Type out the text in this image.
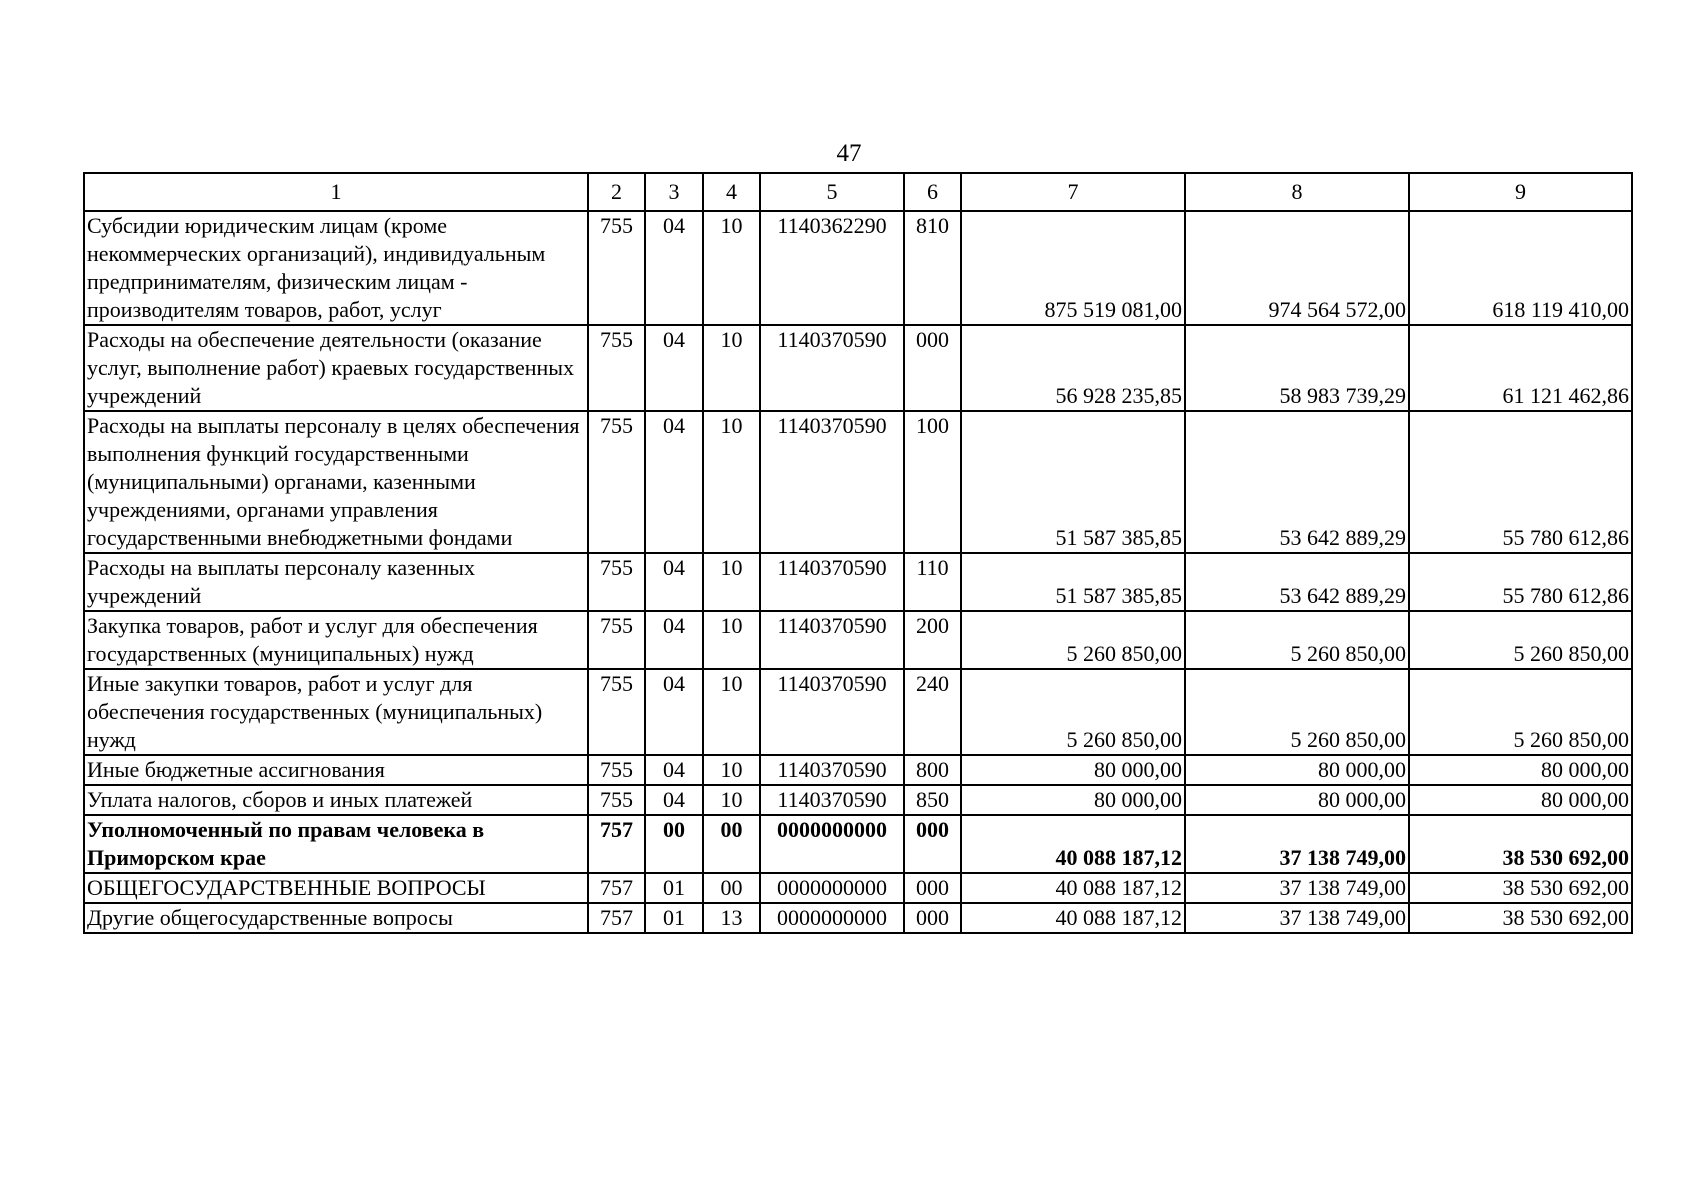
47
1	2	3	4	5	6	7	8	9
Субсидии юридическим лицам (кроме некоммерческих организаций), индивидуальным предпринимателям, физическим лицам - производителям товаров, работ, услуг	755	04	10	1140362290	810	875 519 081,00	974 564 572,00	618 119 410,00
Расходы на обеспечение деятельности (оказание услуг, выполнение работ) краевых государственных учреждений	755	04	10	1140370590	000	56 928 235,85	58 983 739,29	61 121 462,86
Расходы на выплаты персоналу в целях обеспечения выполнения функций государственными (муниципальными) органами, казенными учреждениями, органами управления государственными внебюджетными фондами	755	04	10	1140370590	100	51 587 385,85	53 642 889,29	55 780 612,86
Расходы на выплаты персоналу казенных учреждений	755	04	10	1140370590	110	51 587 385,85	53 642 889,29	55 780 612,86
Закупка товаров, работ и услуг для обеспечения государственных (муниципальных) нужд	755	04	10	1140370590	200	5 260 850,00	5 260 850,00	5 260 850,00
Иные закупки товаров, работ и услуг для обеспечения государственных (муниципальных) нужд	755	04	10	1140370590	240	5 260 850,00	5 260 850,00	5 260 850,00
Иные бюджетные ассигнования	755	04	10	1140370590	800	80 000,00	80 000,00	80 000,00
Уплата налогов, сборов и иных платежей	755	04	10	1140370590	850	80 000,00	80 000,00	80 000,00
Уполномоченный по правам человека в Приморском крае	757	00	00	0000000000	000	40 088 187,12	37 138 749,00	38 530 692,00
ОБЩЕГОСУДАРСТВЕННЫЕ ВОПРОСЫ	757	01	00	0000000000	000	40 088 187,12	37 138 749,00	38 530 692,00
Другие общегосударственные вопросы	757	01	13	0000000000	000	40 088 187,12	37 138 749,00	38 530 692,00
